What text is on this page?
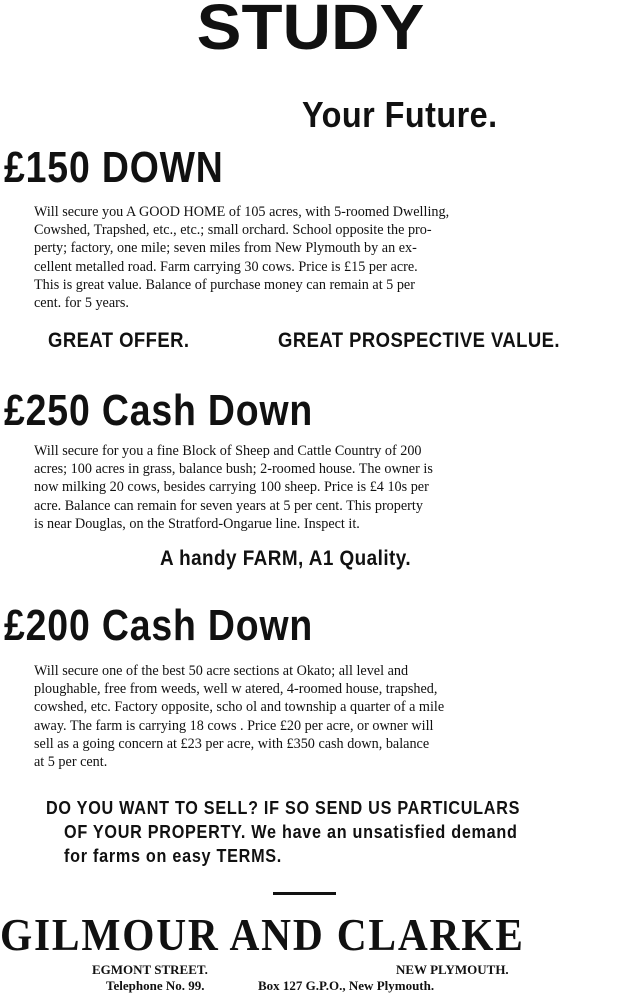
STUDY
Your Future.
£150 DOWN
Will secure you A GOOD HOME of 105 acres, with 5-roomed Dwelling,
Cowshed, Trapshed, etc., etc.; small orchard. School opposite the pro-
perty; factory, one mile; seven miles from New Plymouth by an ex-
cellent metalled road. Farm carrying 30 cows. Price is £15 per acre.
This is great value. Balance of purchase money can remain at 5 per
cent. for 5 years.
GREAT OFFER.	GREAT PROSPECTIVE VALUE.
£250 Cash Down
Will secure for you a fine Block of Sheep and Cattle Country of 200
acres; 100 acres in grass, balance bush; 2-roomed house. The owner is
now milking 20 cows, besides carrying 100 sheep. Price is £4 10s per
acre. Balance can remain for seven years at 5 per cent. This property
is near Douglas, on the Stratford-Ongarue line. Inspect it.
A handy FARM, A1 Quality.
£200 Cash Down
Will secure one of the best 50 acre sections at Okato; all level and
ploughable, free from weeds, well w atered, 4-roomed house, trapshed,
cowshed, etc. Factory opposite, scho ol and township a quarter of a mile
away. The farm is carrying 18 cows . Price £20 per acre, or owner will
sell as a going concern at £23 per acre, with £350 cash down, balance
at 5 per cent.
DO YOU WANT TO SELL? IF SO SEND US PARTICULARS
OF YOUR PROPERTY. We have an unsatisfied demand
for farms on easy TERMS.
GILMOUR AND CLARKE
EGMONT STREET.	NEW PLYMOUTH.
Telephone No. 99.	Box 127 G.P.O., New Plymouth.
